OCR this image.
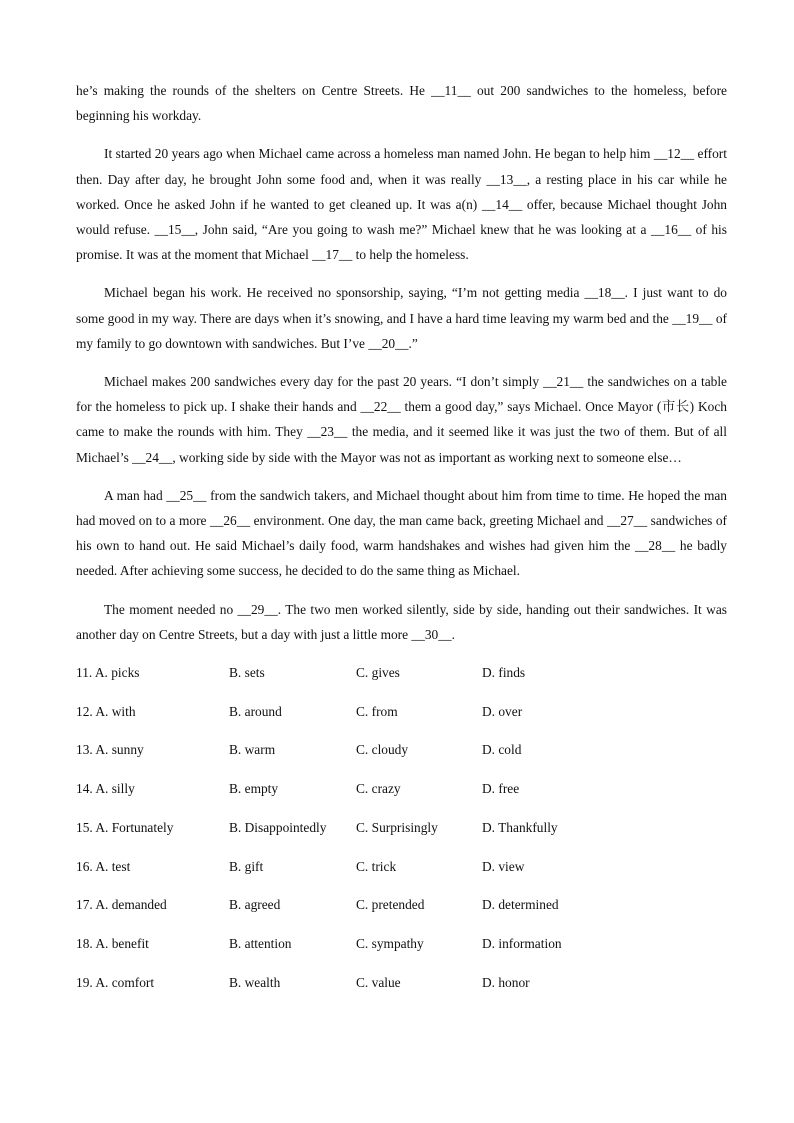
he’s making the rounds of the shelters on Centre Streets. He __11__ out 200 sandwiches to the homeless, before beginning his workday.

It started 20 years ago when Michael came across a homeless man named John. He began to help him __12__ effort then. Day after day, he brought John some food and, when it was really __13__, a resting place in his car while he worked. Once he asked John if he wanted to get cleaned up. It was a(n) __14__ offer, because Michael thought John would refuse. __15__, John said, “Are you going to wash me?” Michael knew that he was looking at a __16__ of his promise. It was at the moment that Michael __17__ to help the homeless.

Michael began his work. He received no sponsorship, saying, “I’m not getting media __18__. I just want to do some good in my way. There are days when it’s snowing, and I have a hard time leaving my warm bed and the __19__ of my family to go downtown with sandwiches. But I’ve __20__.”

Michael makes 200 sandwiches every day for the past 20 years. “I don’t simply __21__ the sandwiches on a table for the homeless to pick up. I shake their hands and __22__ them a good day,” says Michael. Once Mayor (市长) Koch came to make the rounds with him. They __23__ the media, and it seemed like it was just the two of them. But of all Michael’s __24__, working side by side with the Mayor was not as important as working next to someone else…

A man had __25__ from the sandwich takers, and Michael thought about him from time to time. He hoped the man had moved on to a more __26__ environment. One day, the man came back, greeting Michael and __27__ sandwiches of his own to hand out. He said Michael’s daily food, warm handshakes and wishes had given him the __28__ he badly needed. After achieving some success, he decided to do the same thing as Michael.

The moment needed no __29__. The two men worked silently, side by side, handing out their sandwiches. It was another day on Centre Streets, but a day with just a little more __30__.

11. A. picks	B. sets	C. gives	D. finds
12. A. with	B. around	C. from	D. over
13. A. sunny	B. warm	C. cloudy	D. cold
14. A. silly	B. empty	C. crazy	D. free
15. A. Fortunately	B. Disappointedly	C. Surprisingly	D. Thankfully
16. A. test	B. gift	C. trick	D. view
17. A. demanded	B. agreed	C. pretended	D. determined
18. A. benefit	B. attention	C. sympathy	D. information
19. A. comfort	B. wealth	C. value	D. honor
